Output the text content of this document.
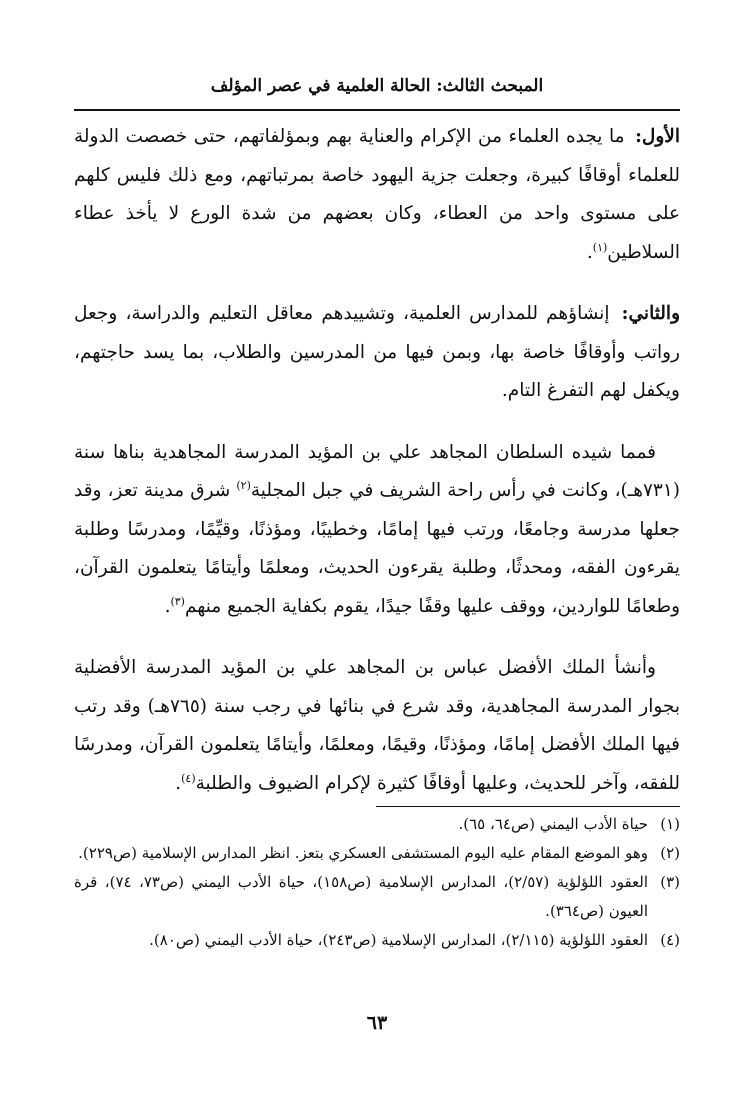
المبحث الثالث: الحالة العلمية في عصر المؤلف

الأول: ما يجده العلماء من الإكرام والعناية بهم وبمؤلفاتهم، حتى خصصت الدولة للعلماء أوقافًا كبيرة، وجعلت جزية اليهود خاصة بمرتباتهم، ومع ذلك فليس كلهم على مستوى واحد من العطاء، وكان بعضهم من شدة الورع لا يأخذ عطاء السلاطين$^{(١)}$.

والثاني: إنشاؤهم للمدارس العلمية، وتشييدهم معاقل التعليم والدراسة، وجعل رواتب وأوقافًا خاصة بها، وبمن فيها من المدرسين والطلاب، بما يسد حاجتهم، ويكفل لهم التفرغ التام.

فمما شيده السلطان المجاهد علي بن المؤيد المدرسة المجاهدية بناها سنة (٧٣١هـ)، وكانت في رأس راحة الشريف في جبل المجلية$^{(٢)}$ شرق مدينة تعز، وقد جعلها مدرسة وجامعًا، ورتب فيها إمامًا، وخطيبًا، ومؤذنًا، وقيِّمًا، ومدرسًا وطلبة يقرءون الفقه، ومحدثًا، وطلبة يقرءون الحديث، ومعلمًا وأيتامًا يتعلمون القرآن، وطعامًا للواردين، ووقف عليها وقفًا جيدًا، يقوم بكفاية الجميع منهم$^{(٣)}$.

وأنشأ الملك الأفضل عباس بن المجاهد علي بن المؤيد المدرسة الأفضلية بجوار المدرسة المجاهدية، وقد شرع في بنائها في رجب سنة (٧٦٥هـ) وقد رتب فيها الملك الأفضل إمامًا، ومؤذنًا، وقيمًا، ومعلمًا، وأيتامًا يتعلمون القرآن، ومدرسًا للفقه، وآخر للحديث، وعليها أوقافًا كثيرة لإكرام الضيوف والطلبة$^{(٤)}$.

(١)
حياة الأدب اليمني (ص٦٤، ٦٥).
(٢)
وهو الموضع المقام عليه اليوم المستشفى العسكري بتعز. انظر المدارس الإسلامية (ص٢٢٩).
(٣)
العقود اللؤلؤية (٢/٥٧)، المدارس الإسلامية (ص١٥٨)، حياة الأدب اليمني (ص٧٣، ٧٤)، قرة العيون (ص٣٦٤).
(٤)
العقود اللؤلؤية (٢/١١٥)، المدارس الإسلامية (ص٢٤٣)، حياة الأدب اليمني (ص٨٠).
٦٣
